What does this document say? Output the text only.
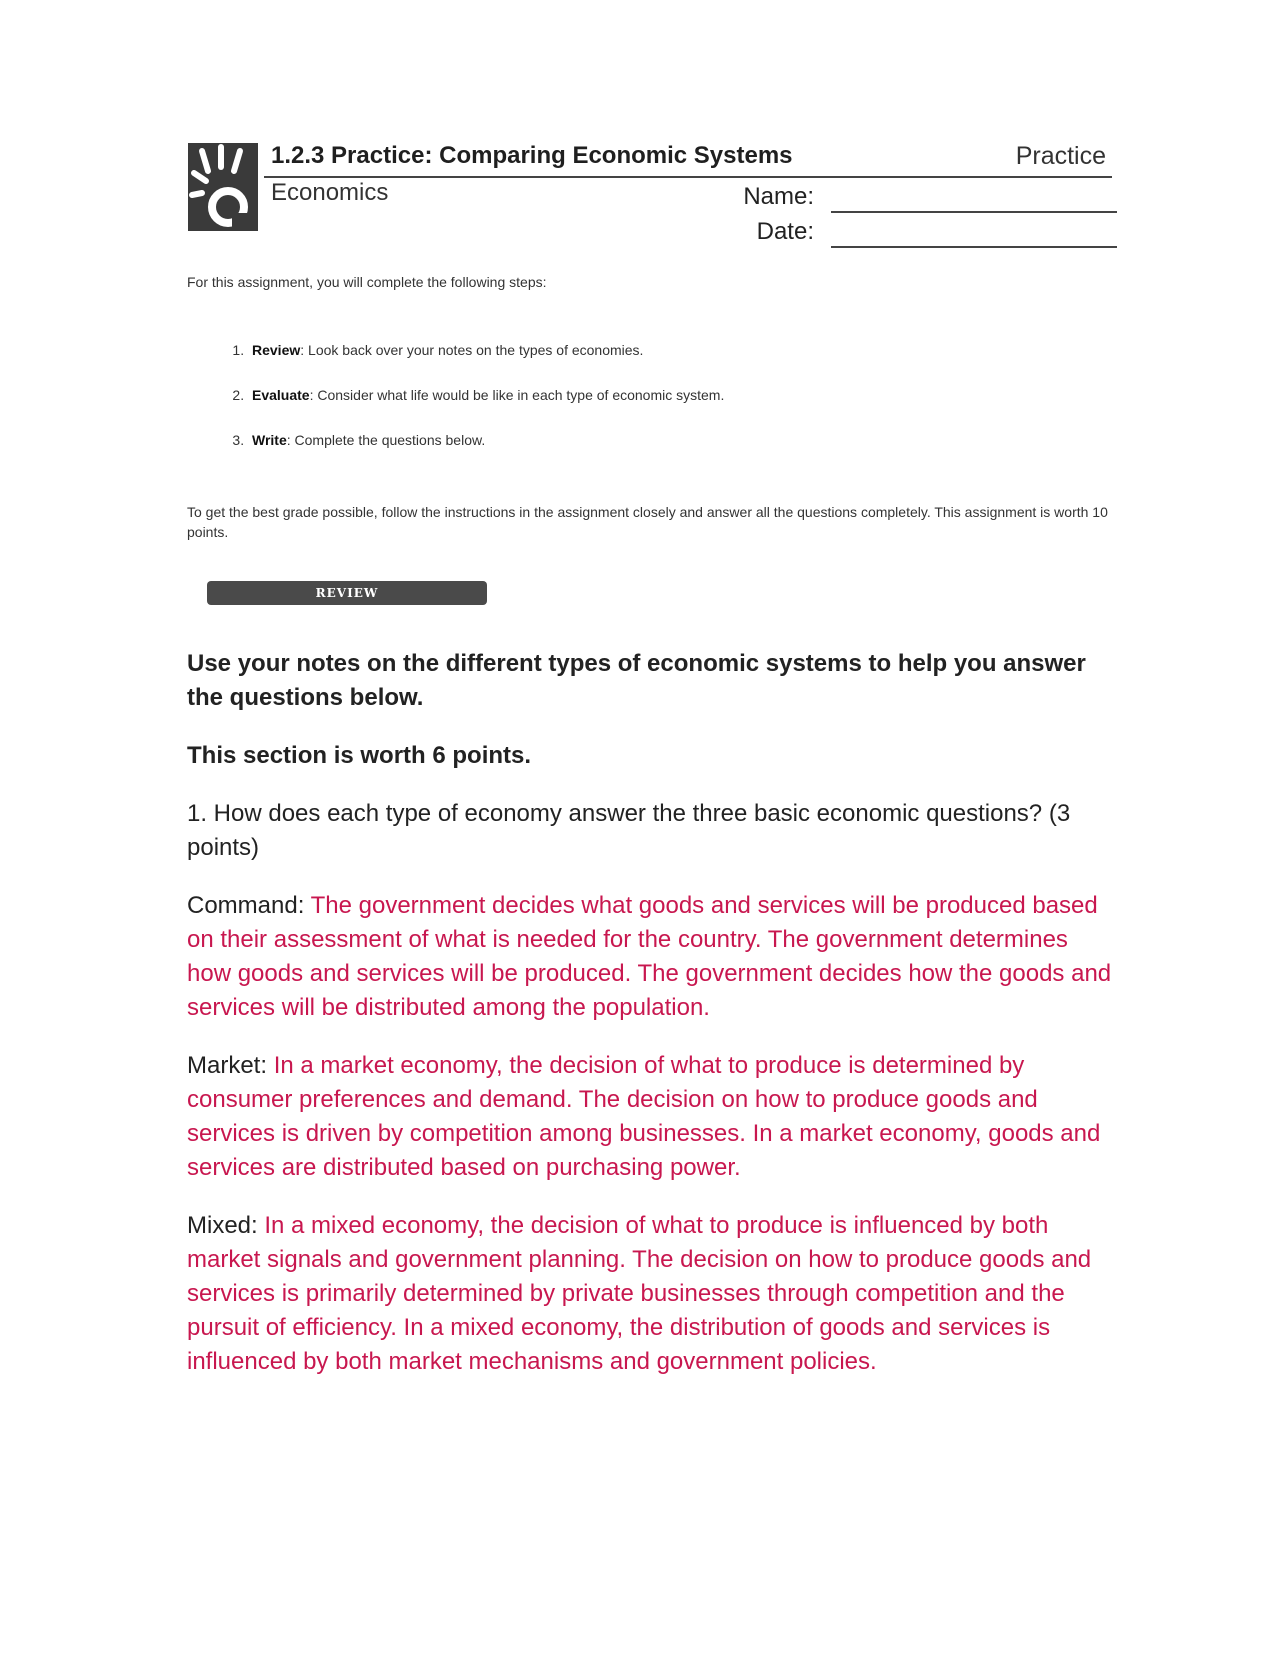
1.2.3 Practice: Comparing Economic Systems	Practice
Economics	Name:
Date:
For this assignment, you will complete the following steps:
1. Review: Look back over your notes on the types of economies.
2. Evaluate: Consider what life would be like in each type of economic system.
3. Write: Complete the questions below.
To get the best grade possible, follow the instructions in the assignment closely and answer all the questions completely. This assignment is worth 10 points.
REVIEW

Use your notes on the different types of economic systems to help you answer the questions below.

This section is worth 6 points.

1. How does each type of economy answer the three basic economic questions? (3 points)

Command: The government decides what goods and services will be produced based on their assessment of what is needed for the country. The government determines how goods and services will be produced. The government decides how the goods and services will be distributed among the population.

Market: In a market economy, the decision of what to produce is determined by consumer preferences and demand. The decision on how to produce goods and services is driven by competition among businesses. In a market economy, goods and services are distributed based on purchasing power.

Mixed: In a mixed economy, the decision of what to produce is influenced by both market signals and government planning. The decision on how to produce goods and services is primarily determined by private businesses through competition and the pursuit of efficiency. In a mixed economy, the distribution of goods and services is influenced by both market mechanisms and government policies.
